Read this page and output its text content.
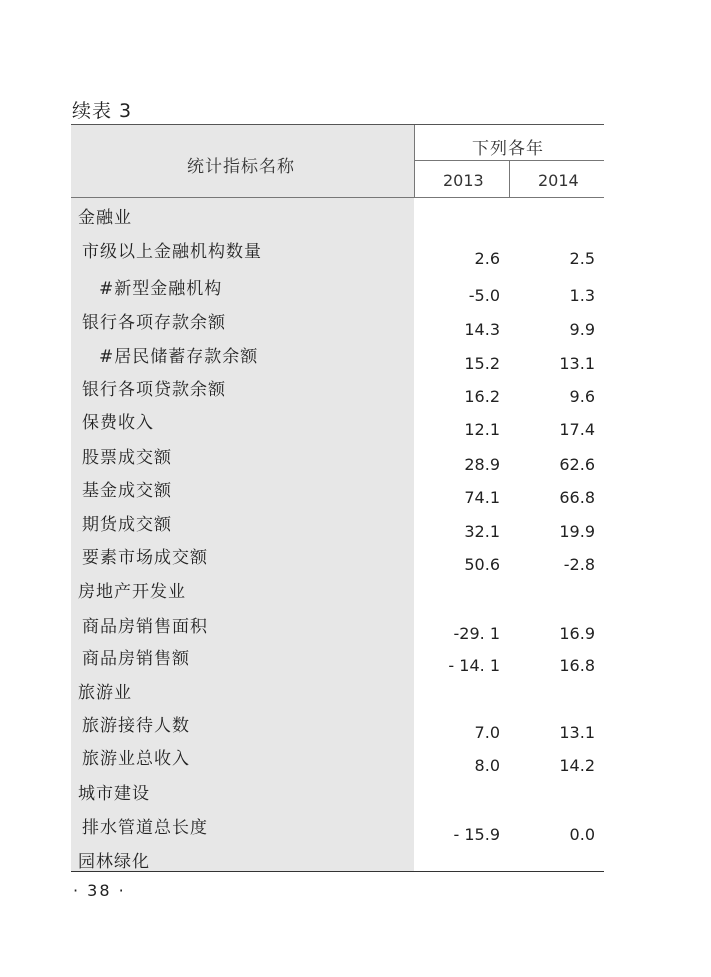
续表 3
统计指标名称
下列各年
2013	2014
金融业
市级以上金融机构数量	2.6	2.5
#新型金融机构	-5.0	1.3
银行各项存款余额	14.3	9.9
#居民储蓄存款余额	15.2	13.1
银行各项贷款余额	16.2	9.6
保费收入	12.1	17.4
股票成交额	28.9	62.6
基金成交额	74.1	66.8
期货成交额	32.1	19.9
要素市场成交额	50.6	-2.8
房地产开发业
商品房销售面积	-29. 1	16.9
商品房销售额	- 14. 1	16.8
旅游业
旅游接待人数	7.0	13.1
旅游业总收入	8.0	14.2
城市建设
排水管道总长度	- 15.9	0.0
园林绿化
· 38 ·
